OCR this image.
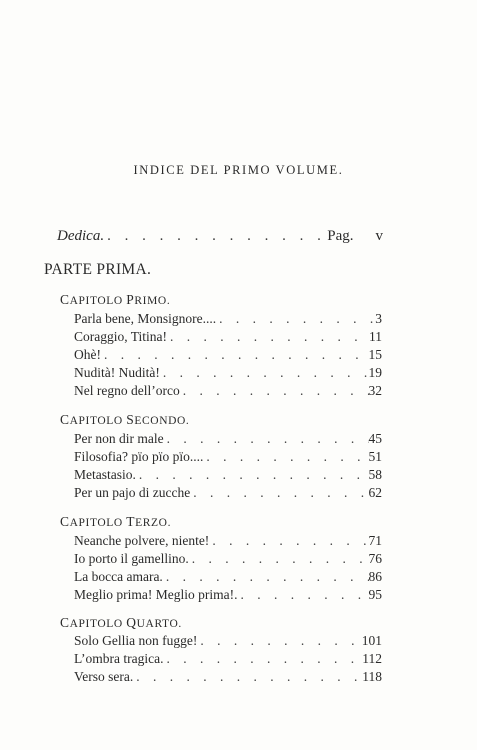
INDICE DEL PRIMO VOLUME.
Dedica. . . .	Pag.	v
PARTE PRIMA.
CAPITOLO PRIMO.
Parla bene, Monsignore.... . . .	3
Coraggio, Titina! . . .	11
Ohè! . . .	15
Nudità! Nudità! . . .	19
Nel regno dell’orco . . .	32
CAPITOLO SECONDO.
Per non dir male . . .	45
Filosofia? pïo pïo pïo.... . . .	51
Metastasio. . . .	58
Per un pajo di zucche . . .	62
CAPITOLO TERZO.
Neanche polvere, niente! . . .	71
Io porto il gamellino. . . .	76
La bocca amara. . . .	86
Meglio prima! Meglio prima!. . . .	95
CAPITOLO QUARTO.
Solo Gellia non fugge! . . .	101
L’ombra tragica. . . .	112
Verso sera. . . .	118
